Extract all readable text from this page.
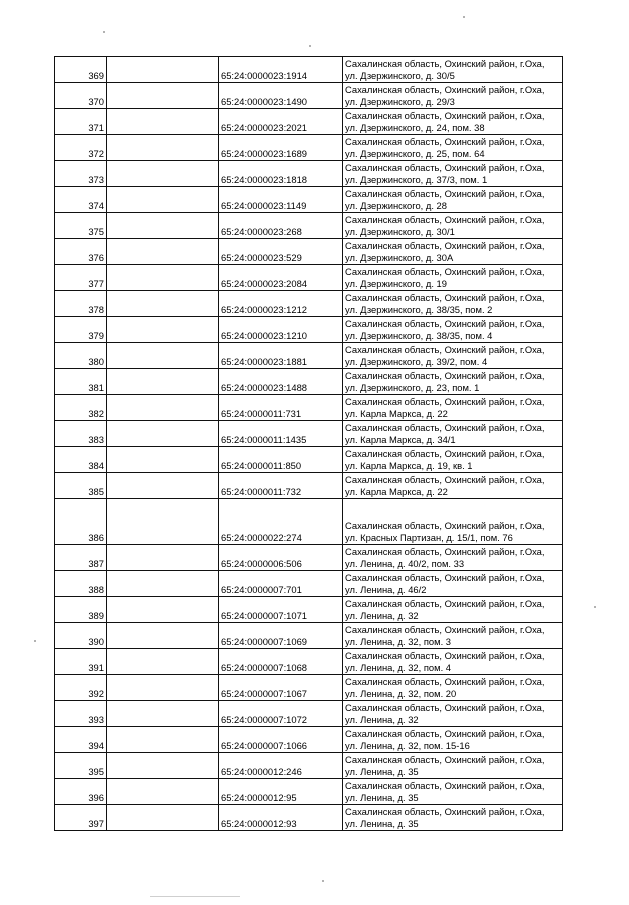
369		65:24:0000023:1914	Сахалинская область, Охинский район, г.Оха,
ул. Дзержинского, д. 30/5

370		65:24:0000023:1490	Сахалинская область, Охинский район, г.Оха,
ул. Дзержинского, д. 29/3

371		65:24:0000023:2021	Сахалинская область, Охинский район, г.Оха,
ул. Дзержинского, д. 24, пом. 38

372		65:24:0000023:1689	Сахалинская область, Охинский район, г.Оха,
ул. Дзержинского, д. 25, пом. 64

373		65:24:0000023:1818	Сахалинская область, Охинский район, г.Оха,
ул. Дзержинского, д. 37/3, пом. 1

374		65:24:0000023:1149	Сахалинская область, Охинский район, г.Оха,
ул. Дзержинского, д. 28

375		65:24:0000023:268	Сахалинская область, Охинский район, г.Оха,
ул. Дзержинского, д. 30/1

376		65:24:0000023:529	Сахалинская область, Охинский район, г.Оха,
ул. Дзержинского, д. 30А

377		65:24:0000023:2084	Сахалинская область, Охинский район, г.Оха,
ул. Дзержинского, д. 19

378		65:24:0000023:1212	Сахалинская область, Охинский район, г.Оха,
ул. Дзержинского, д. 38/35, пом. 2

379		65:24:0000023:1210	Сахалинская область, Охинский район, г.Оха,
ул. Дзержинского, д. 38/35, пом. 4

380		65:24:0000023:1881	Сахалинская область, Охинский район, г.Оха,
ул. Дзержинского, д. 39/2, пом. 4

381		65:24:0000023:1488	Сахалинская область, Охинский район, г.Оха,
ул. Дзержинского, д. 23, пом. 1

382		65:24:0000011:731	Сахалинская область, Охинский район, г.Оха,
ул. Карла Маркса, д. 22

383		65:24:0000011:1435	Сахалинская область, Охинский район, г.Оха,
ул. Карла Маркса, д. 34/1

384		65:24:0000011:850	Сахалинская область, Охинский район, г.Оха,
ул. Карла Маркса, д. 19, кв. 1

385		65:24:0000011:732	Сахалинская область, Охинский район, г.Оха,
ул. Карла Маркса, д. 22

386		65:24:0000022:274	Сахалинская область, Охинский район, г.Оха,
ул. Красных Партизан, д. 15/1, пом. 76

387		65:24:0000006:506	Сахалинская область, Охинский район, г.Оха,
ул. Ленина, д. 40/2, пом. 33

388		65:24:0000007:701	Сахалинская область, Охинский район, г.Оха,
ул. Ленина, д. 46/2

389		65:24:0000007:1071	Сахалинская область, Охинский район, г.Оха,
ул. Ленина, д. 32

390		65:24:0000007:1069	Сахалинская область, Охинский район, г.Оха,
ул. Ленина, д. 32, пом. 3

391		65:24:0000007:1068	Сахалинская область, Охинский район, г.Оха,
ул. Ленина, д. 32, пом. 4

392		65:24:0000007:1067	Сахалинская область, Охинский район, г.Оха,
ул. Ленина, д. 32, пом. 20

393		65:24:0000007:1072	Сахалинская область, Охинский район, г.Оха,
ул. Ленина, д. 32

394		65:24:0000007:1066	Сахалинская область, Охинский район, г.Оха,
ул. Ленина, д. 32, пом. 15-16

395		65:24:0000012:246	Сахалинская область, Охинский район, г.Оха,
ул. Ленина, д. 35

396		65:24:0000012:95	Сахалинская область, Охинский район, г.Оха,
ул. Ленина, д. 35

397		65:24:0000012:93	Сахалинская область, Охинский район, г.Оха,
ул. Ленина, д. 35
